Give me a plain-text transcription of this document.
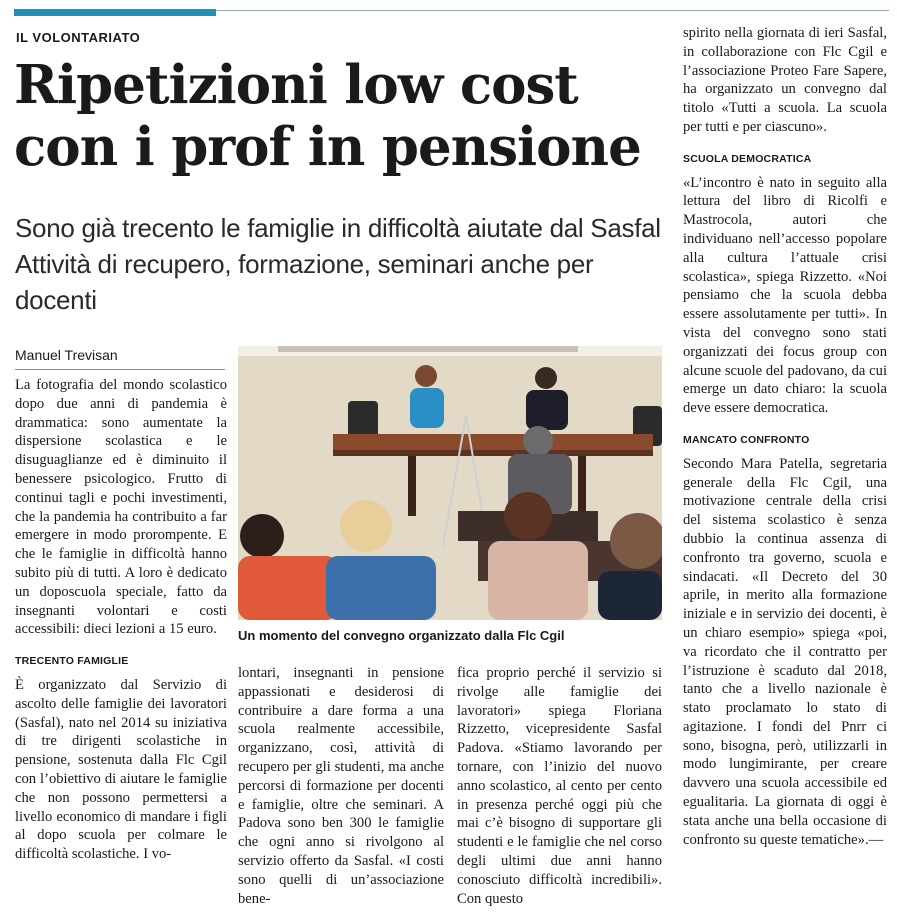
IL VOLONTARIATO
Ripetizioni low cost
con i prof in pensione
Sono già trecento le famiglie in difficoltà aiutate dal Sasfal
Attività di recupero, formazione, seminari anche per docenti
Manuel Trevisan

La fotografia del mondo scolastico dopo due anni di pandemia è drammatica: sono aumentate la dispersione scolastica e le disuguaglianze ed è diminuito il benessere psicologico. Frutto di continui tagli e pochi investimenti, che la pandemia ha contribuito a far emergere in modo prorompente. E che le famiglie in difficoltà hanno subito più di tutti. A loro è dedicato un doposcuola speciale, fatto da insegnanti volontari e costi accessibili: dieci lezioni a 15 euro.

TRECENTO FAMIGLIE

È organizzato dal Servizio di ascolto delle famiglie dei lavoratori (Sasfal), nato nel 2014 su iniziativa di tre dirigenti scolastiche in pensione, sostenuta dalla Flc Cgil con l’obiettivo di aiutare le famiglie che non possono permettersi a livello economico di mandare i figli al dopo scuola per colmare le difficoltà scolastiche. I vo-

Un momento del convegno organizzato dalla Flc Cgil

lontari, insegnanti in pensione appassionati e desiderosi di contribuire a dare forma a una scuola realmente accessibile, organizzano, così, attività di recupero per gli studenti, ma anche percorsi di formazione per docenti e famiglie, oltre che seminari. A Padova sono ben 300 le famiglie che ogni anno si rivolgono al servizio offerto da Sasfal. «I costi sono quelli di un’associazione bene-

fica proprio perché il servizio si rivolge alle famiglie dei lavoratori» spiega Floriana Rizzetto, vicepresidente Sasfal Padova. «Stiamo lavorando per tornare, con l’inizio del nuovo anno scolastico, al cento per cento in presenza perché oggi più che mai c’è bisogno di supportare gli studenti e le famiglie che nel corso degli ultimi due anni hanno conosciuto difficoltà incredibili». Con questo

spirito nella giornata di ieri Sasfal, in collaborazione con Flc Cgil e l’associazione Proteo Fare Sapere, ha organizzato un convegno dal titolo «Tutti a scuola. La scuola per tutti e per ciascuno».

SCUOLA DEMOCRATICA

«L’incontro è nato in seguito alla lettura del libro di Ricolfi e Mastrocola, autori che individuano nell’accesso popolare alla cultura l’attuale crisi scolastica», spiega Rizzetto. «Noi pensiamo che la scuola debba essere assolutamente per tutti». In vista del convegno sono stati organizzati dei focus group con alcune scuole del padovano, da cui emerge un dato chiaro: la scuola deve essere democratica.

MANCATO CONFRONTO

Secondo Mara Patella, segretaria generale della Flc Cgil, una motivazione centrale della crisi del sistema scolastico è senza dubbio la continua assenza di confronto tra governo, scuola e sindacati. «Il Decreto del 30 aprile, in merito alla formazione iniziale e in servizio dei docenti, è un chiaro esempio» spiega «poi, va ricordato che il contratto per l’istruzione è scaduto dal 2018, tanto che a livello nazionale è stato proclamato lo stato di agitazione. I fondi del Pnrr ci sono, bisogna, però, utilizzarli in modo lungimirante, per creare davvero una scuola accessibile ed egualitaria. La giornata di oggi è stata anche una bella occasione di confronto su queste tematiche».—
